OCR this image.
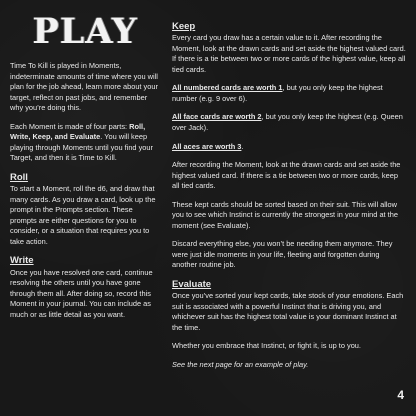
PLAY

Time To Kill is played in Moments, indeterminate amounts of time where you will plan for the job ahead, learn more about your target, reflect on past jobs, and remember why you’re doing this.

Each Moment is made of four parts: Roll, Write, Keep, and Evaluate. You will keep playing through Moments until you find your Target, and then it is Time to Kill.

Roll

To start a Moment, roll the d6, and draw that many cards. As you draw a card, look up the prompt in the Prompts section. These prompts are either questions for you to consider, or a situation that requires you to take action.

Write

Once you have resolved one card, continue resolving the others until you have gone through them all. After doing so, record this Moment in your journal. You can include as much or as little detail as you want.

Keep

Every card you draw has a certain value to it. After recording the Moment, look at the drawn cards and set aside the highest valued card. If there is a tie between two or more cards of the highest value, keep all tied cards.

All numbered cards are worth 1, but you only keep the highest number (e.g. 9 over 6).

All face cards are worth 2, but you only keep the highest (e.g. Queen over Jack).

All aces are worth 3.

After recording the Moment, look at the drawn cards and set aside the highest valued card. If there is a tie between two or more cards, keep all tied cards.

These kept cards should be sorted based on their suit. This will allow you to see which Instinct is currently the strongest in your mind at the moment (see Evaluate).

Discard everything else, you won’t be needing them anymore. They were just idle moments in your life, fleeting and forgotten during another routine job.

Evaluate

Once you’ve sorted your kept cards, take stock of your emotions. Each suit is associated with a powerful Instinct that is driving you, and whichever suit has the highest total value is your dominant Instinct at the time.

Whether you embrace that Instinct, or fight it, is up to you.

See the next page for an example of play.

4
